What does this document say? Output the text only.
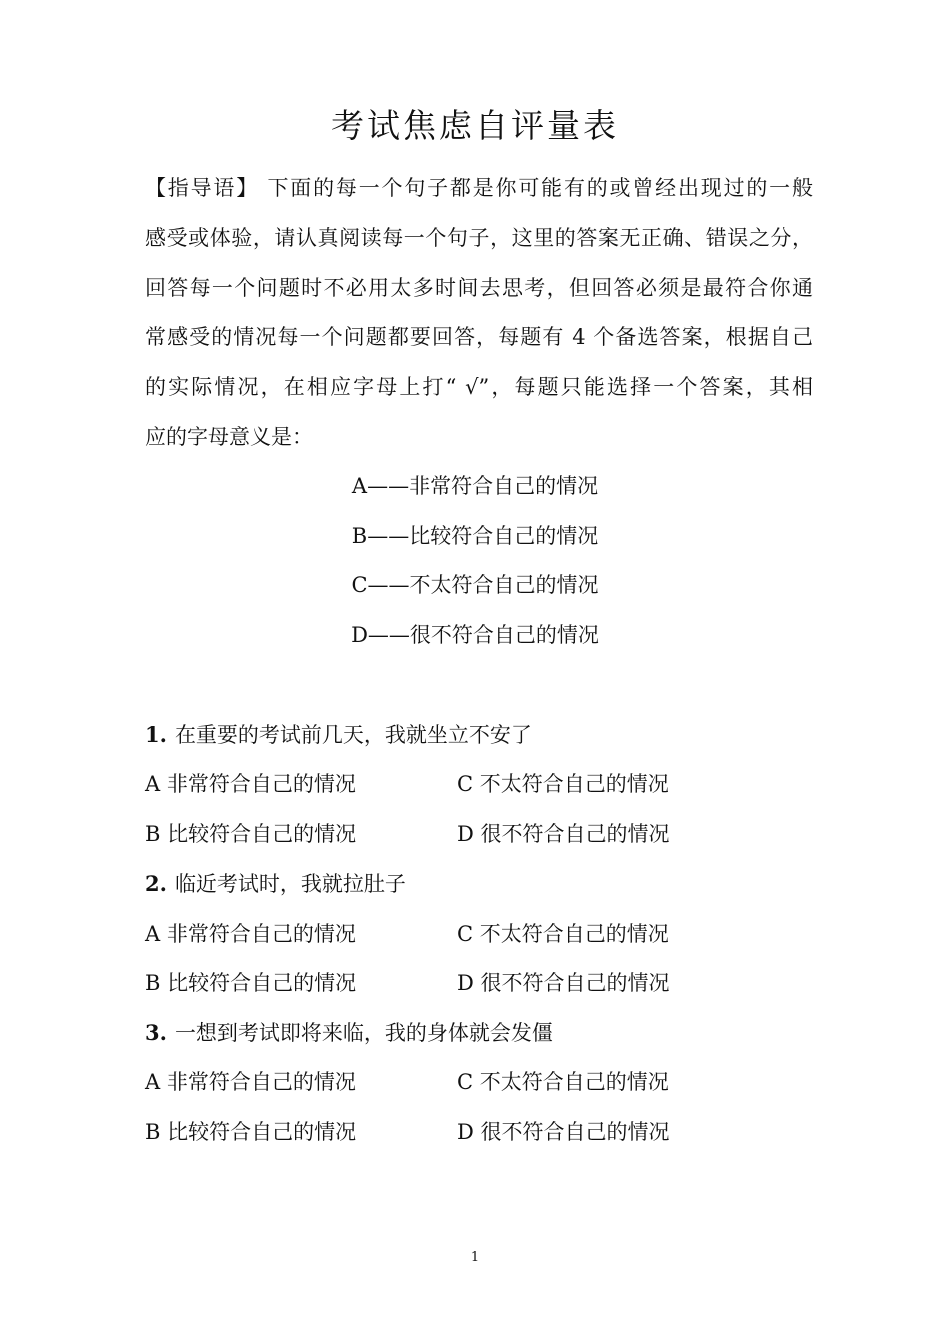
考试焦虑自评量表
【指导语】 下面的每一个句子都是你可能有的或曾经出现过的一般
感受或体验，请认真阅读每一个句子，这里的答案无正确、错误之分，
回答每一个问题时不必用太多时间去思考，但回答必须是最符合你通
常感受的情况每一个问题都要回答，每题有 4 个备选答案，根据自己
的实际情况，在相应字母上打“ √”，每题只能选择一个答案，其相
应的字母意义是：
A——非常符合自己的情况
B——比较符合自己的情况
C——不太符合自己的情况
D——很不符合自己的情况
1. 在重要的考试前几天，我就坐立不安了
A 非常符合自己的情况	C 不太符合自己的情况
B 比较符合自己的情况	D 很不符合自己的情况
2. 临近考试时，我就拉肚子
A 非常符合自己的情况	C 不太符合自己的情况
B 比较符合自己的情况	D 很不符合自己的情况
3. 一想到考试即将来临，我的身体就会发僵
A 非常符合自己的情况	C 不太符合自己的情况
B 比较符合自己的情况	D 很不符合自己的情况
1
